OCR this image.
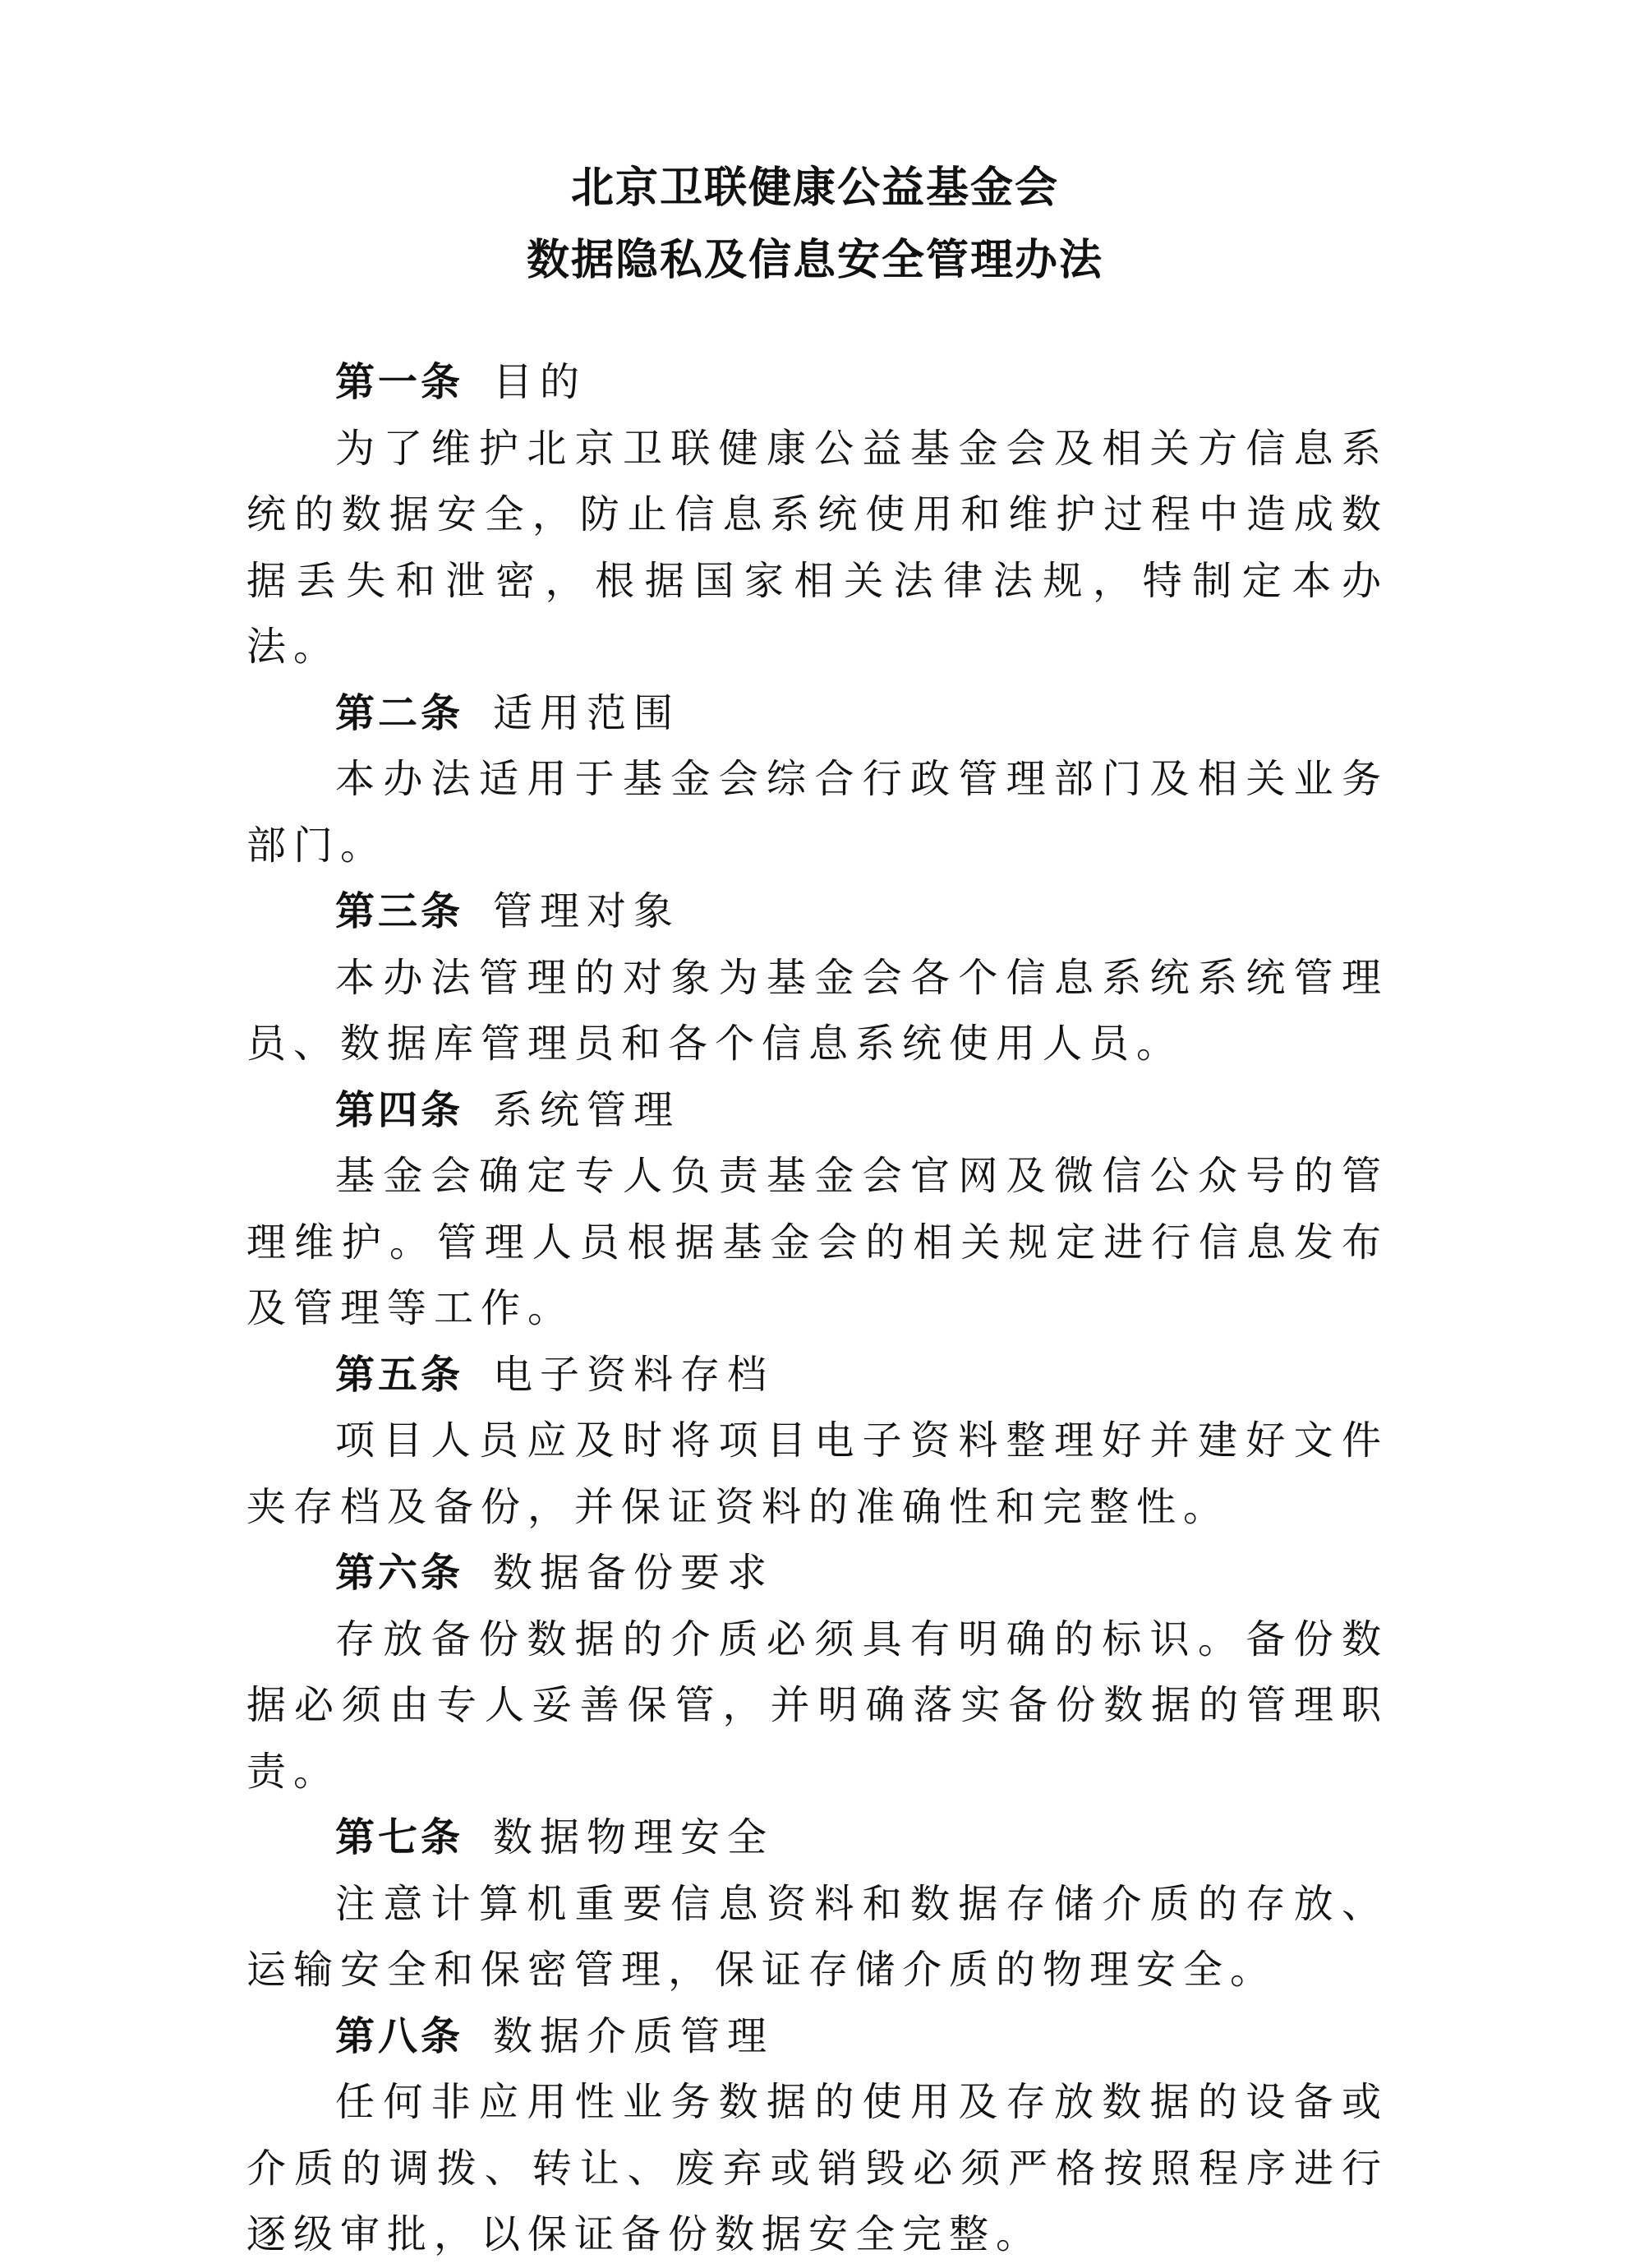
北京卫联健康公益基金会

数据隐私及信息安全管理办法

第一条 目的

为了维护北京卫联健康公益基金会及相关方信息系统的数据安全，防止信息系统使用和维护过程中造成数据丢失和泄密，根据国家相关法律法规，特制定本办法。

第二条 适用范围

本办法适用于基金会综合行政管理部门及相关业务部门。

第三条 管理对象

本办法管理的对象为基金会各个信息系统系统管理员、数据库管理员和各个信息系统使用人员。

第四条 系统管理

基金会确定专人负责基金会官网及微信公众号的管理维护。管理人员根据基金会的相关规定进行信息发布及管理等工作。

第五条 电子资料存档

项目人员应及时将项目电子资料整理好并建好文件夹存档及备份，并保证资料的准确性和完整性。

第六条 数据备份要求

存放备份数据的介质必须具有明确的标识。备份数据必须由专人妥善保管，并明确落实备份数据的管理职责。

第七条 数据物理安全

注意计算机重要信息资料和数据存储介质的存放、运输安全和保密管理，保证存储介质的物理安全。

第八条 数据介质管理

任何非应用性业务数据的使用及存放数据的设备或介质的调拨、转让、废弃或销毁必须严格按照程序进行逐级审批，以保证备份数据安全完整。
